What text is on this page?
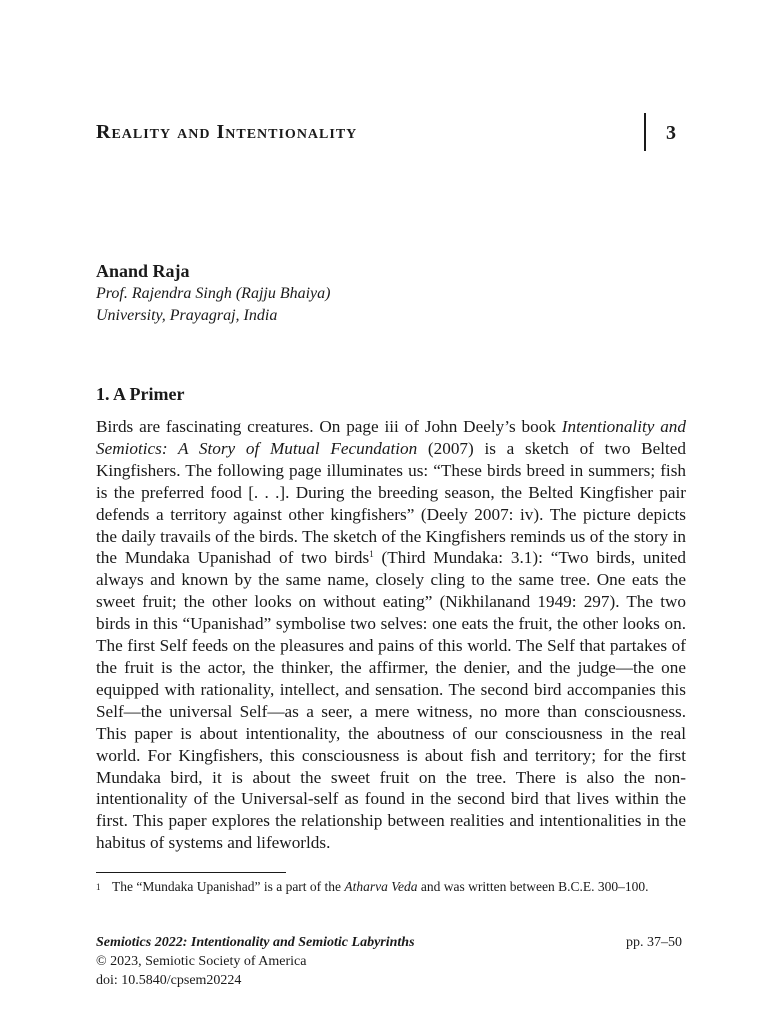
Reality and Intentionality	3
Anand Raja
Prof. Rajendra Singh (Rajju Bhaiya)
University, Prayagraj, India
1. A Primer

Birds are fascinating creatures. On page iii of John Deely’s book Intentionality and Semiotics: A Story of Mutual Fecundation (2007) is a sketch of two Belted Kingfishers. The following page illuminates us: “These birds breed in summers; fish is the preferred food [. . .]. During the breeding season, the Belted Kingfisher pair defends a territory against other kingfishers” (Deely 2007: iv). The picture depicts the daily travails of the birds. The sketch of the Kingfishers reminds us of the story in the Mundaka Upanishad of two birds$^1$ (Third Mundaka: 3.1): “Two birds, united always and known by the same name, closely cling to the same tree. One eats the sweet fruit; the other looks on without eating” (Nikhilanand 1949: 297). The two birds in this “Upanishad” symbolise two selves: one eats the fruit, the other looks on. The first Self feeds on the pleasures and pains of this world. The Self that partakes of the fruit is the actor, the thinker, the affirmer, the denier, and the judge—the one equipped with rationality, intellect, and sensation. The second bird accompanies this Self—the universal Self—as a seer, a mere witness, no more than consciousness. This paper is about intentionality, the aboutness of our consciousness in the real world. For Kingfishers, this consciousness is about fish and territory; for the first Mundaka bird, it is about the sweet fruit on the tree. There is also the non-intentionality of the Universal-self as found in the second bird that lives within the first. This paper explores the relationship between realities and intentionalities in the habitus of systems and lifeworlds.

1 The “Mundaka Upanishad” is a part of the Atharva Veda and was written between B.C.E. 300–100.
Semiotics 2022: Intentionality and Semiotic Labyrinths	pp. 37–50
© 2023, Semiotic Society of America
doi: 10.5840/cpsem20224
